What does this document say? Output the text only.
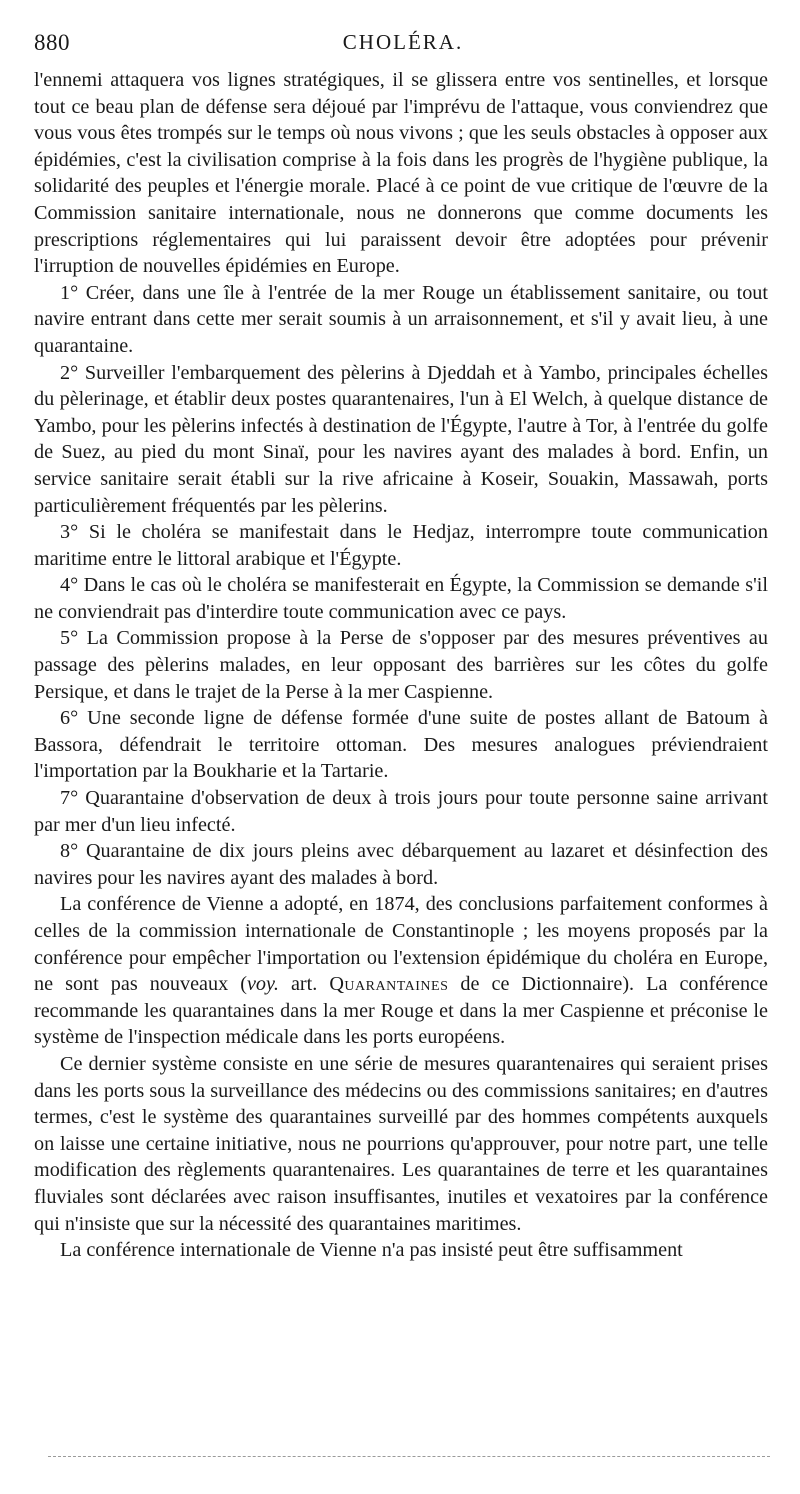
880	CHOLÉRA.

l'ennemi attaquera vos lignes stratégiques, il se glissera entre vos sentinelles, et lorsque tout ce beau plan de défense sera déjoué par l'imprévu de l'attaque, vous conviendrez que vous vous êtes trompés sur le temps où nous vivons ; que les seuls obstacles à opposer aux épidémies, c'est la civilisation comprise à la fois dans les progrès de l'hygiène publique, la solidarité des peuples et l'énergie morale. Placé à ce point de vue critique de l'œuvre de la Commission sanitaire internationale, nous ne donnerons que comme documents les prescriptions réglementaires qui lui paraissent devoir être adoptées pour prévenir l'irruption de nouvelles épidémies en Europe.

1° Créer, dans une île à l'entrée de la mer Rouge un établissement sanitaire, ou tout navire entrant dans cette mer serait soumis à un arraisonnement, et s'il y avait lieu, à une quarantaine.

2° Surveiller l'embarquement des pèlerins à Djeddah et à Yambo, principales échelles du pèlerinage, et établir deux postes quarantenaires, l'un à El Welch, à quelque distance de Yambo, pour les pèlerins infectés à destination de l'Égypte, l'autre à Tor, à l'entrée du golfe de Suez, au pied du mont Sinaï, pour les navires ayant des malades à bord. Enfin, un service sanitaire serait établi sur la rive africaine à Koseir, Souakin, Massawah, ports particulièrement fréquentés par les pèlerins.

3° Si le choléra se manifestait dans le Hedjaz, interrompre toute communication maritime entre le littoral arabique et l'Égypte.

4° Dans le cas où le choléra se manifesterait en Égypte, la Commission se demande s'il ne conviendrait pas d'interdire toute communication avec ce pays.

5° La Commission propose à la Perse de s'opposer par des mesures préventives au passage des pèlerins malades, en leur opposant des barrières sur les côtes du golfe Persique, et dans le trajet de la Perse à la mer Caspienne.

6° Une seconde ligne de défense formée d'une suite de postes allant de Batoum à Bassora, défendrait le territoire ottoman. Des mesures analogues préviendraient l'importation par la Boukharie et la Tartarie.

7° Quarantaine d'observation de deux à trois jours pour toute personne saine arrivant par mer d'un lieu infecté.

8° Quarantaine de dix jours pleins avec débarquement au lazaret et désinfection des navires pour les navires ayant des malades à bord.

La conférence de Vienne a adopté, en 1874, des conclusions parfaitement conformes à celles de la commission internationale de Constantinople ; les moyens proposés par la conférence pour empêcher l'importation ou l'extension épidémique du choléra en Europe, ne sont pas nouveaux (voy. art. Quarantaines de ce Dictionnaire). La conférence recommande les quarantaines dans la mer Rouge et dans la mer Caspienne et préconise le système de l'inspection médicale dans les ports européens.

Ce dernier système consiste en une série de mesures quarantenaires qui seraient prises dans les ports sous la surveillance des médecins ou des commissions sanitaires; en d'autres termes, c'est le système des quarantaines surveillé par des hommes compétents auxquels on laisse une certaine initiative, nous ne pourrions qu'approuver, pour notre part, une telle modification des règlements quarantenaires. Les quarantaines de terre et les quarantaines fluviales sont déclarées avec raison insuffisantes, inutiles et vexatoires par la conférence qui n'insiste que sur la nécessité des quarantaines maritimes.

La conférence internationale de Vienne n'a pas insisté peut être suffisamment
